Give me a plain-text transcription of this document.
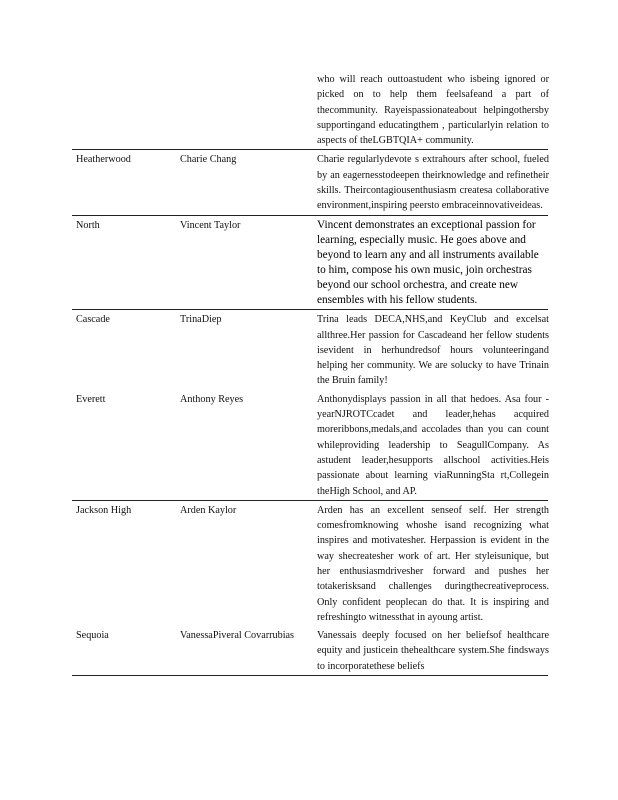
who will reach outtoastudent who isbeing ignored or picked on to help them feelsafeand a part of thecommunity. Rayeispassionateabout helpingothersby supportingand educatingthem , particularlyin relation to aspects of theLGBTQIA+ community.
Heatherwood	Charie Chang	Charie regularlydevote s extrahours after school, fueled by an eagernesstodeepen theirknowledge and refinetheir skills. Theircontagiousenthusiasm createsa collaborative environment,inspiring peersto embraceinnovativeideas.
North	Vincent Taylor	Vincent demonstrates an exceptional passion for learning, especially music. He goes above and beyond to learn any and all instruments available to him, compose his own music, join orchestras beyond our school orchestra, and create new ensembles with his fellow students.
Cascade	TrinaDiep	Trina leads DECA,NHS,and KeyClub and excelsat allthree.Her passion for Cascadeand her fellow students isevident in herhundredsof hours volunteeringand helping her community. We are solucky to have Trinain the Bruin family!
Everett	Anthony Reyes	Anthonydisplays passion in all that hedoes. Asa four -yearNJROTCcadet and leader,hehas acquired moreribbons,medals,and accolades than you can count whileproviding leadership to SeagullCompany. As astudent leader,hesupports allschool activities.Heis passionate about learning viaRunningSta rt,Collegein theHigh School, and AP.
Jackson High	Arden Kaylor	Arden has an excellent senseof self. Her strength comesfromknowing whoshe isand recognizing what inspires and motivatesher. Herpassion is evident in the way shecreatesher work of art. Her styleisunique, but her enthusiasmdrivesher forward and pushes her totakerisksand challenges duringthecreativeprocess. Only confident peoplecan do that. It is inspiring and refreshingto witnessthat in ayoung artist.
Sequoia	VanessaPiveral Covarrubias	Vanessais deeply focused on her beliefsof healthcare equity and justicein thehealthcare system.She findsways to incorporatethese beliefs
